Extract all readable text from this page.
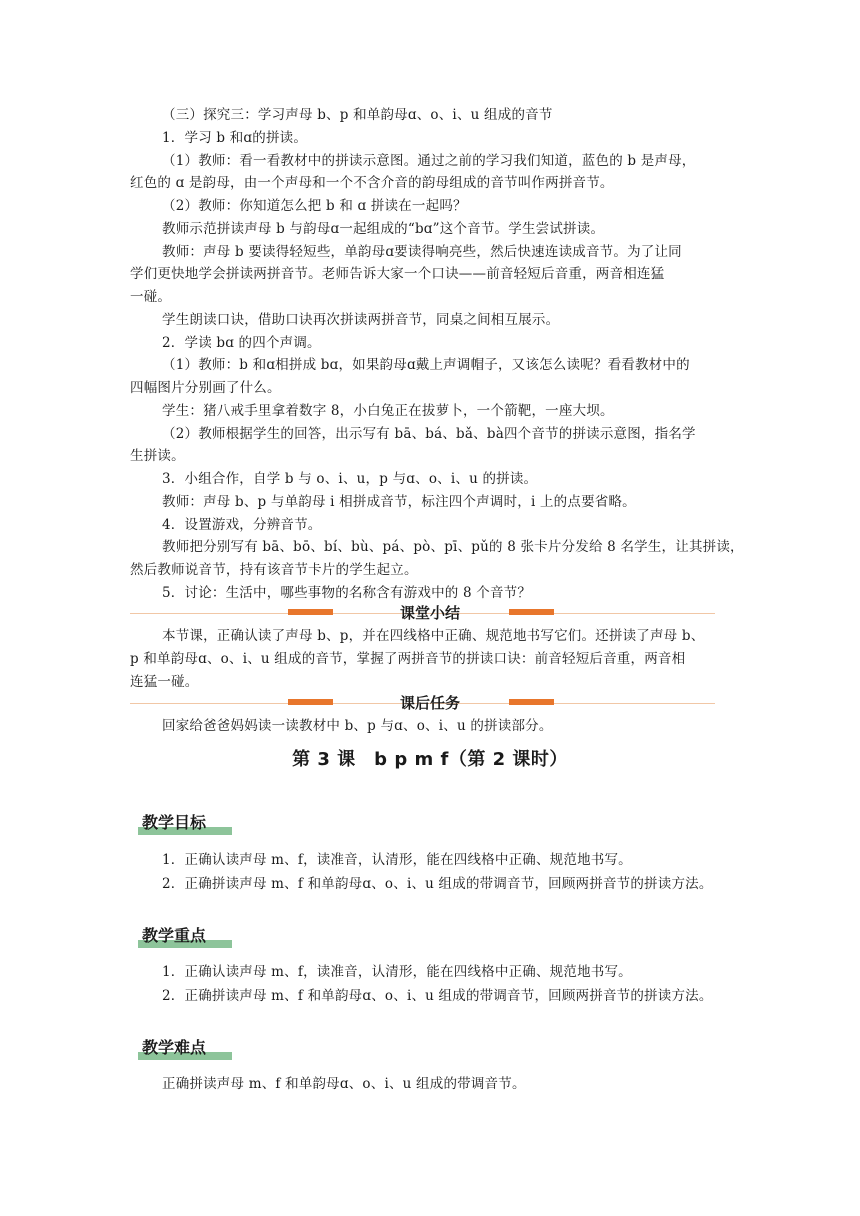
（三）探究三：学习声母 b、p 和单韵母ɑ、o、i、u 组成的音节
1．学习 b 和ɑ的拼读。
（1）教师：看一看教材中的拼读示意图。通过之前的学习我们知道，蓝色的 b 是声母，
红色的 ɑ 是韵母，由一个声母和一个不含介音的韵母组成的音节叫作两拼音节。
（2）教师：你知道怎么把 b 和 ɑ 拼读在一起吗？
教师示范拼读声母 b 与韵母ɑ一起组成的“bɑ”这个音节。学生尝试拼读。
教师：声母 b 要读得轻短些，单韵母ɑ要读得响亮些，然后快速连读成音节。为了让同
学们更快地学会拼读两拼音节。老师告诉大家一个口诀——前音轻短后音重，两音相连猛
一碰。
学生朗读口诀，借助口诀再次拼读两拼音节，同桌之间相互展示。
2．学读 bɑ 的四个声调。
（1）教师：b 和ɑ相拼成 bɑ，如果韵母ɑ戴上声调帽子，又该怎么读呢？看看教材中的
四幅图片分别画了什么。
学生：猪八戒手里拿着数字 8，小白兔正在拔萝卜，一个箭靶，一座大坝。
（2）教师根据学生的回答，出示写有 bā、bá、bǎ、bà四个音节的拼读示意图，指名学
生拼读。
3．小组合作，自学 b 与 o、i、u，p 与ɑ、o、i、u 的拼读。
教师：声母 b、p 与单韵母 i 相拼成音节，标注四个声调时，i 上的点要省略。
4．设置游戏，分辨音节。
教师把分别写有 bā、bō、bí、bù、pá、pò、pī、pǔ的 8 张卡片分发给 8 名学生，让其拼读，
然后教师说音节，持有该音节卡片的学生起立。
5．讨论：生活中，哪些事物的名称含有游戏中的 8 个音节？
课堂小结
本节课，正确认读了声母 b、p，并在四线格中正确、规范地书写它们。还拼读了声母 b、
p 和单韵母ɑ、o、i、u 组成的音节，掌握了两拼音节的拼读口诀：前音轻短后音重，两音相
连猛一碰。
课后任务
回家给爸爸妈妈读一读教材中 b、p 与ɑ、o、i、u 的拼读部分。
第 3 课　b p m f（第 2 课时）
教学目标
1．正确认读声母 m、f，读准音，认清形，能在四线格中正确、规范地书写。
2．正确拼读声母 m、f 和单韵母ɑ、o、i、u 组成的带调音节，回顾两拼音节的拼读方法。
教学重点
1．正确认读声母 m、f，读准音，认清形，能在四线格中正确、规范地书写。
2．正确拼读声母 m、f 和单韵母ɑ、o、i、u 组成的带调音节，回顾两拼音节的拼读方法。
教学难点
正确拼读声母 m、f 和单韵母ɑ、o、i、u 组成的带调音节。
